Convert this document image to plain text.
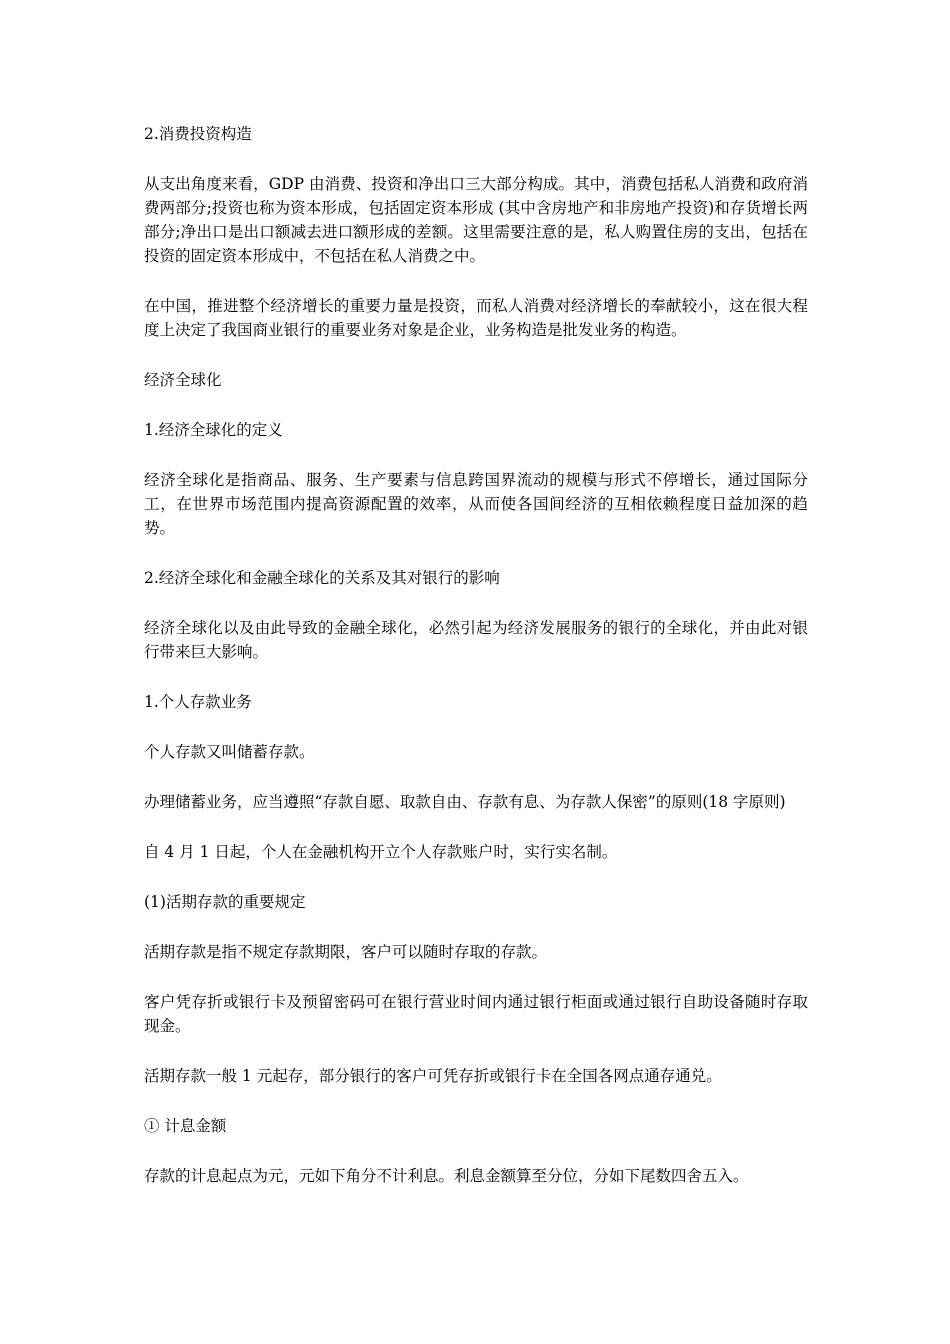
2.消费投资构造

从支出角度来看，GDP 由消费、投资和净出口三大部分构成。其中，消费包括私人消费和政府消费两部分;投资也称为资本形成，包括固定资本形成 (其中含房地产和非房地产投资)和存货增长两部分;净出口是出口额减去进口额形成的差额。这里需要注意的是，私人购置住房的支出，包括在投资的固定资本形成中，不包括在私人消费之中。

在中国，推进整个经济增长的重要力量是投资，而私人消费对经济增长的奉献较小，这在很大程度上决定了我国商业银行的重要业务对象是企业，业务构造是批发业务的构造。

经济全球化

1.经济全球化的定义

经济全球化是指商品、服务、生产要素与信息跨国界流动的规模与形式不停增长，通过国际分工，在世界市场范围内提高资源配置的效率，从而使各国间经济的互相依赖程度日益加深的趋势。

2.经济全球化和金融全球化的关系及其对银行的影响

经济全球化以及由此导致的金融全球化，必然引起为经济发展服务的银行的全球化，并由此对银行带来巨大影响。

1.个人存款业务

个人存款又叫储蓄存款。

办理储蓄业务，应当遵照“存款自愿、取款自由、存款有息、为存款人保密”的原则(18 字原则)

自 4 月 1 日起，个人在金融机构开立个人存款账户时，实行实名制。

(1)活期存款的重要规定

活期存款是指不规定存款期限，客户可以随时存取的存款。

客户凭存折或银行卡及预留密码可在银行营业时间内通过银行柜面或通过银行自助设备随时存取现金。

活期存款一般 1 元起存，部分银行的客户可凭存折或银行卡在全国各网点通存通兑。

① 计息金额

存款的计息起点为元，元如下角分不计利息。利息金额算至分位，分如下尾数四舍五入。
